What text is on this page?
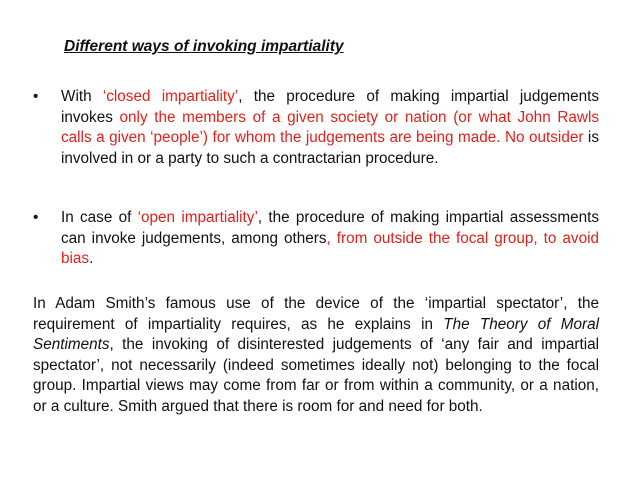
Different ways of invoking impartiality
•	With ‘closed impartiality’, the procedure of making impartial judgements invokes only the members of a given society or nation (or what John Rawls calls a given ‘people’) for whom the judgements are being made. No outsider is involved in or a party to such a contractarian procedure.
•	In case of ‘open impartiality’, the procedure of making impartial assessments can invoke judgements, among others, from outside the focal group, to avoid bias.
In Adam Smith’s famous use of the device of the ‘impartial spectator’, the requirement of impartiality requires, as he explains in The Theory of Moral Sentiments, the invoking of disinterested judgements of ‘any fair and impartial spectator’, not necessarily (indeed sometimes ideally not) belonging to the focal group. Impartial views may come from far or from within a community, or a nation, or a culture. Smith argued that there is room for and need for both.
